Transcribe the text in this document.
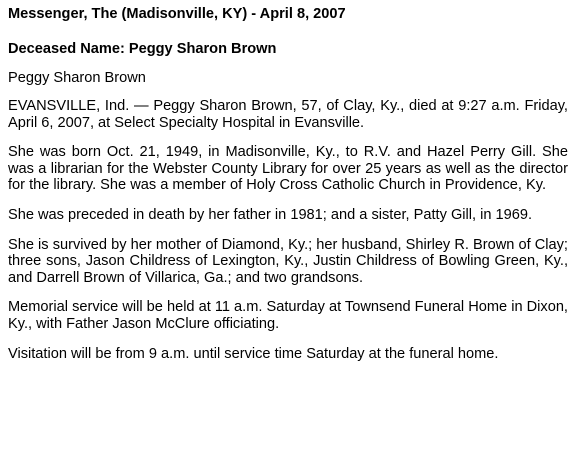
Messenger, The (Madisonville, KY) - April 8, 2007
Deceased Name: Peggy Sharon Brown
Peggy Sharon Brown

EVANSVILLE, Ind. — Peggy Sharon Brown, 57, of Clay, Ky., died at 9:27 a.m. Friday, April 6, 2007, at Select Specialty Hospital in Evansville.

She was born Oct. 21, 1949, in Madisonville, Ky., to R.V. and Hazel Perry Gill. She was a librarian for the Webster County Library for over 25 years as well as the director for the library. She was a member of Holy Cross Catholic Church in Providence, Ky.

She was preceded in death by her father in 1981; and a sister, Patty Gill, in 1969.

She is survived by her mother of Diamond, Ky.; her husband, Shirley R. Brown of Clay; three sons, Jason Childress of Lexington, Ky., Justin Childress of Bowling Green, Ky., and Darrell Brown of Villarica, Ga.; and two grandsons.

Memorial service will be held at 11 a.m. Saturday at Townsend Funeral Home in Dixon, Ky., with Father Jason McClure officiating.

Visitation will be from 9 a.m. until service time Saturday at the funeral home.
